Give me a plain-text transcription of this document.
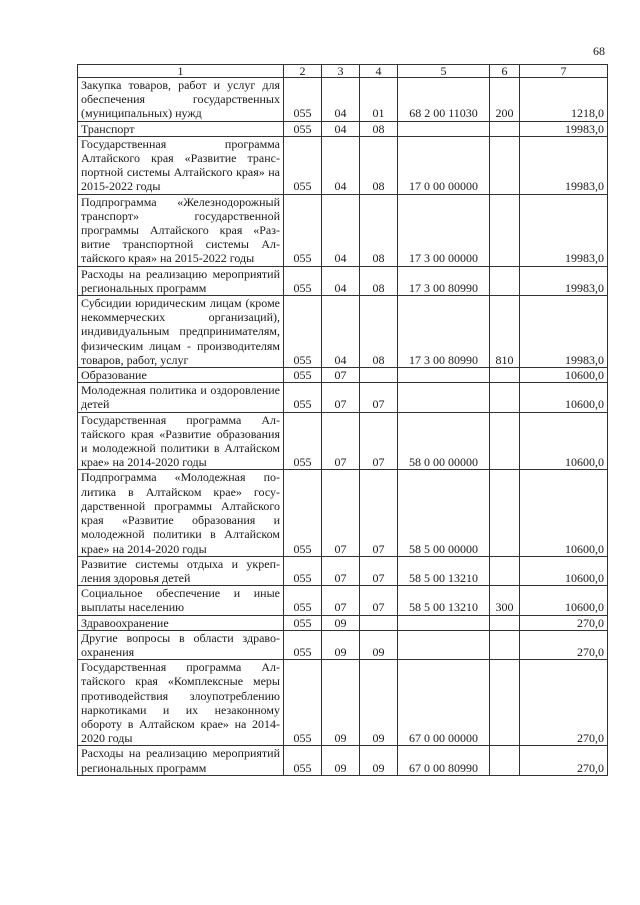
68
1	2	3	4	5	6	7
Закупка товаров, работ и услуг для обеспечения государственных (муниципальных) нужд	055	04	01	68 2 00 11030	200	1218,0
Транспорт	055	04	08			19983,0
Государственная программа Алтайского края «Развитие транспортной системы Алтайского края» на 2015-2022 годы	055	04	08	17 0 00 00000		19983,0
Подпрограмма «Железнодорожный транспорт» государственной программы Алтайского края «Развитие транспортной системы Алтайского края» на 2015-2022 годы	055	04	08	17 3 00 00000		19983,0
Расходы на реализацию мероприятий региональных программ	055	04	08	17 3 00 80990		19983,0
Субсидии юридическим лицам (кроме некоммерческих организаций), индивидуальным предпринимателям, физическим лицам - производителям товаров, работ, услуг	055	04	08	17 3 00 80990	810	19983,0
Образование	055	07				10600,0
Молодежная политика и оздоровление детей	055	07	07			10600,0
Государственная программа Алтайского края «Развитие образования и молодежной политики в Алтайском крае» на 2014-2020 годы	055	07	07	58 0 00 00000		10600,0
Подпрограмма «Молодежная политика в Алтайском крае» государственной программы Алтайского края «Развитие образования и молодежной политики в Алтайском крае» на 2014-2020 годы	055	07	07	58 5 00 00000		10600,0
Развитие системы отдыха и укрепления здоровья детей	055	07	07	58 5 00 13210		10600,0
Социальное обеспечение и иные выплаты населению	055	07	07	58 5 00 13210	300	10600,0
Здравоохранение	055	09				270,0
Другие вопросы в области здравоохранения	055	09	09			270,0
Государственная программа Алтайского края «Комплексные меры противодействия злоупотреблению наркотиками и их незаконному обороту в Алтайском крае» на 2014-2020 годы	055	09	09	67 0 00 00000		270,0
Расходы на реализацию мероприятий региональных программ	055	09	09	67 0 00 80990		270,0
